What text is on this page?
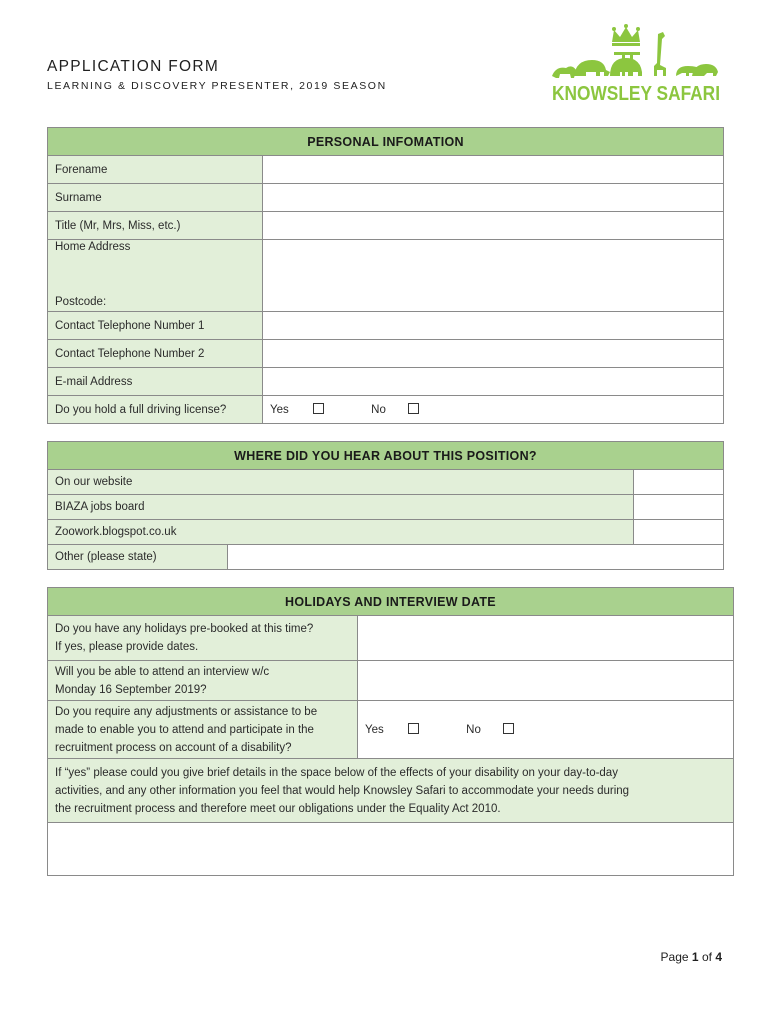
APPLICATION FORM
LEARNING & DISCOVERY PRESENTER, 2019 SEASON	KNOWSLEY SAFARI
PERSONAL INFOMATION	
Forename	
Surname	
Title (Mr, Mrs, Miss, etc.)	

Home Address
Postcode:	

Contact Telephone Number 1	
Contact Telephone Number 2	
E-mail Address	
Do you hold a full driving license?	Yes No
WHERE DID YOU HEAR ABOUT THIS POSITION?		
On our website		
BIAZA jobs board		
Zoowork.blogspot.co.uk		
Other (please state)		
HOLIDAYS AND INTERVIEW DATE	

Do you have any holidays pre-booked at this time?
If yes, please provide dates.	

Will you be able to attend an interview w/c
Monday 16 September 2019?	

Do you require any adjustments or assistance to be
made to enable you to attend and participate in the
recruitment process on account of a disability?	Yes No

If “yes” please could you give brief details in the space below of the effects of your disability on your day-to-day
activities, and any other information you feel that would help Knowsley Safari to accommodate your needs during
the recruitment process and therefore meet our obligations under the Equality Act 2010.	

Page 1 of 4
